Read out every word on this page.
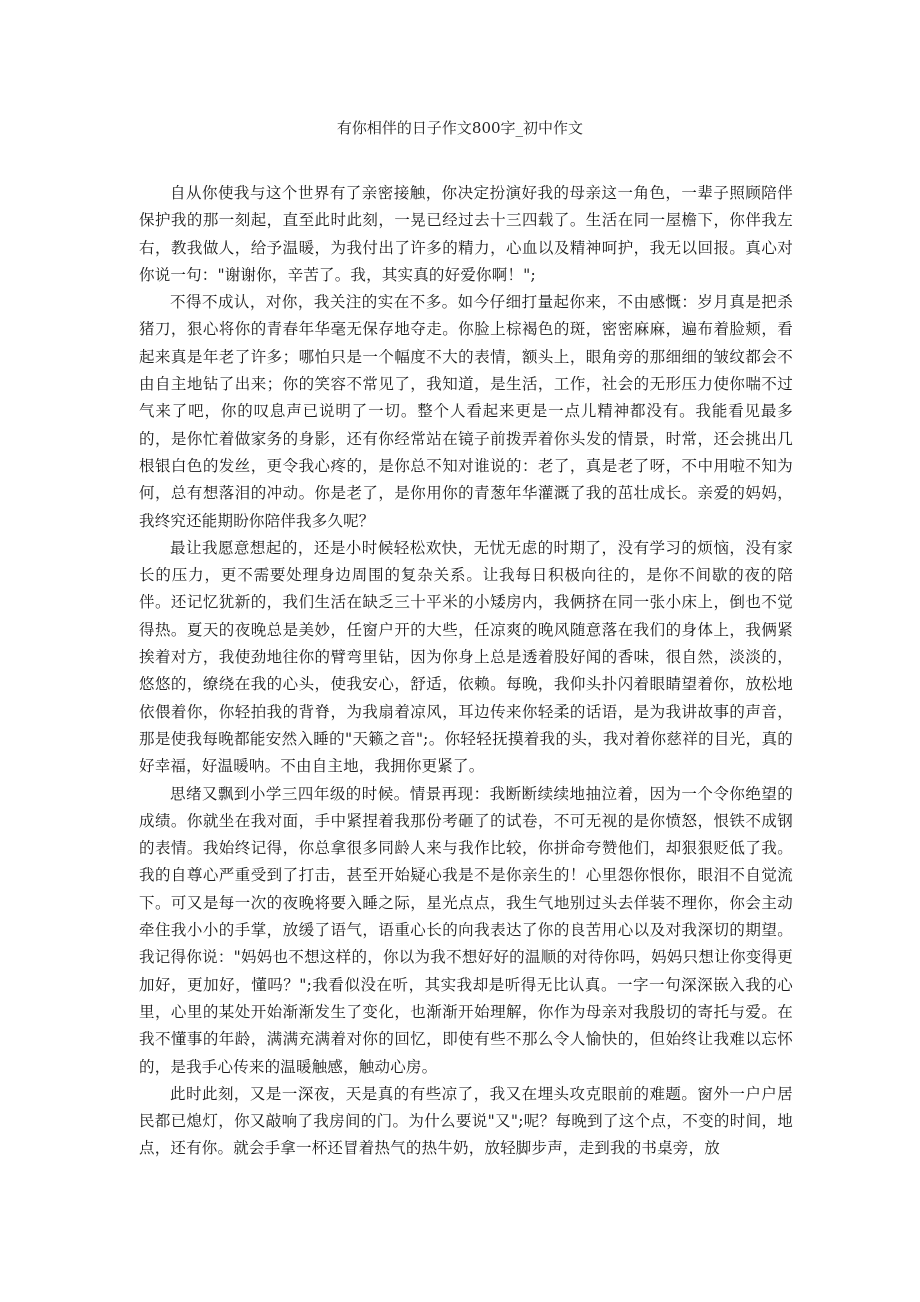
有你相伴的日子作文800字_初中作文

自从你使我与这个世界有了亲密接触，你决定扮演好我的母亲这一角色，一辈子照顾陪伴保护我的那一刻起，直至此时此刻，一晃已经过去十三四载了。生活在同一屋檐下，你伴我左右，教我做人，给予温暖，为我付出了许多的精力，心血以及精神呵护，我无以回报。真心对你说一句："谢谢你，辛苦了。我，其实真的好爱你啊！";

不得不成认，对你，我关注的实在不多。如今仔细打量起你来，不由感慨：岁月真是把杀猪刀，狠心将你的青春年华毫无保存地夺走。你脸上棕褐色的斑，密密麻麻，遍布着脸颊，看起来真是年老了许多；哪怕只是一个幅度不大的表情，额头上，眼角旁的那细细的皱纹都会不由自主地钻了出来；你的笑容不常见了，我知道，是生活，工作，社会的无形压力使你喘不过气来了吧，你的叹息声已说明了一切。整个人看起来更是一点儿精神都没有。我能看见最多的，是你忙着做家务的身影，还有你经常站在镜子前拨弄着你头发的情景，时常，还会挑出几根银白色的发丝，更令我心疼的，是你总不知对谁说的：老了，真是老了呀，不中用啦不知为何，总有想落泪的冲动。你是老了，是你用你的青葱年华灌溉了我的茁壮成长。亲爱的妈妈，我终究还能期盼你陪伴我多久呢？

最让我愿意想起的，还是小时候轻松欢快，无忧无虑的时期了，没有学习的烦恼，没有家长的压力，更不需要处理身边周围的复杂关系。让我每日积极向往的，是你不间歇的夜的陪伴。还记忆犹新的，我们生活在缺乏三十平米的小矮房内，我俩挤在同一张小床上，倒也不觉得热。夏天的夜晚总是美妙，任窗户开的大些，任凉爽的晚风随意落在我们的身体上，我俩紧挨着对方，我使劲地往你的臂弯里钻，因为你身上总是透着股好闻的香味，很自然，淡淡的，悠悠的，缭绕在我的心头，使我安心，舒适，依赖。每晚，我仰头扑闪着眼睛望着你，放松地依偎着你，你轻拍我的背脊，为我扇着凉风，耳边传来你轻柔的话语，是为我讲故事的声音，那是使我每晚都能安然入睡的"天籁之音";。你轻轻抚摸着我的头，我对着你慈祥的目光，真的好幸福，好温暖呐。不由自主地，我拥你更紧了。

思绪又飘到小学三四年级的时候。情景再现：我断断续续地抽泣着，因为一个令你绝望的成绩。你就坐在我对面，手中紧捏着我那份考砸了的试卷，不可无视的是你愤怒，恨铁不成钢的表情。我始终记得，你总拿很多同龄人来与我作比较，你拼命夸赞他们，却狠狠贬低了我。我的自尊心严重受到了打击，甚至开始疑心我是不是你亲生的！心里怨你恨你，眼泪不自觉流下。可又是每一次的夜晚将要入睡之际，星光点点，我生气地别过头去佯装不理你，你会主动牵住我小小的手掌，放缓了语气，语重心长的向我表达了你的良苦用心以及对我深切的期望。我记得你说："妈妈也不想这样的，你以为我不想好好的温顺的对待你吗，妈妈只想让你变得更加好，更加好，懂吗？";我看似没在听，其实我却是听得无比认真。一字一句深深嵌入我的心里，心里的某处开始渐渐发生了变化，也渐渐开始理解，你作为母亲对我殷切的寄托与爱。在我不懂事的年龄，满满充满着对你的回忆，即使有些不那么令人愉快的，但始终让我难以忘怀的，是我手心传来的温暖触感，触动心房。

此时此刻，又是一深夜，天是真的有些凉了，我又在埋头攻克眼前的难题。窗外一户户居民都已熄灯，你又敲响了我房间的门。为什么要说"又";呢？每晚到了这个点，不变的时间，地点，还有你。就会手拿一杯还冒着热气的热牛奶，放轻脚步声，走到我的书桌旁，放
